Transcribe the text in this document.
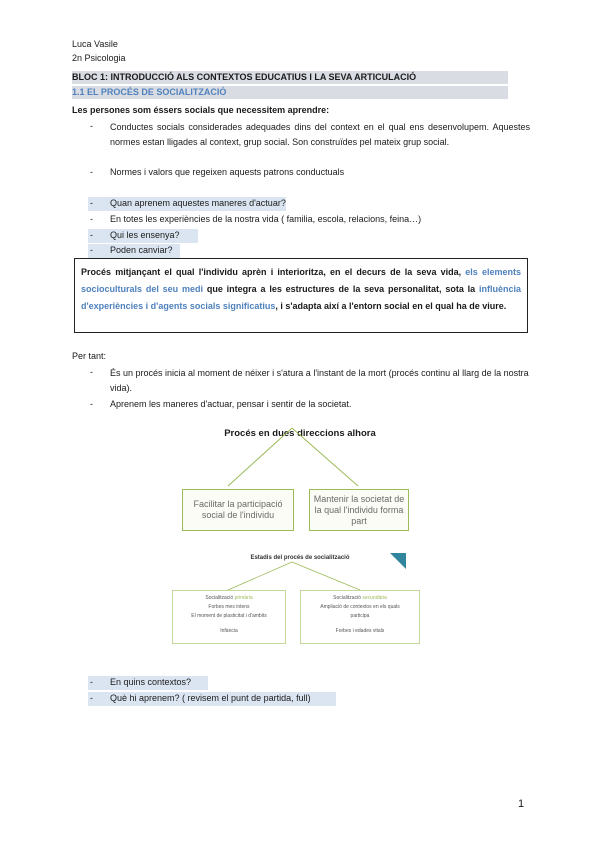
Luca Vasile
2n Psicologia
BLOC 1: INTRODUCCIÓ ALS CONTEXTOS EDUCATIUS I LA SEVA ARTICULACIÓ
1.1 EL PROCÉS DE SOCIALITZACIÓ
Les persones som éssers socials que necessitem aprendre:
- Conductes socials considerades adequades dins del context en el qual ens desenvolupem. Aquestes normes estan lligades al context, grup social. Son construïdes pel mateix grup social.
- Normes i valors que regeixen aquests patrons conductuals
- Quan aprenem aquestes maneres d'actuar?
- En totes les experiències de la nostra vida ( familia, escola, relacions, feina…)
- Qui les ensenya?
- Poden canviar?
Procés mitjançant el qual l'individu aprèn i interioritza, en el decurs de la seva vida, els elements socioculturals del seu medi que integra a les estructures de la seva personalitat, sota la influència d'experiències i d'agents socials significatius, i s'adapta així a l'entorn social en el qual ha de viure.
Per tant:
- És un procés inicia al moment de néixer i s'atura a l'instant de la mort (procés continu al llarg de la nostra vida).
- Aprenem les maneres d'actuar, pensar i sentir de la societat.
Procés en dues direccions alhora
Facilitar la participació social de l'individu
Mantenir la societat de la qual l'individu forma part
Estadis del procés de socialització
Socialització primària
Forbes mes intens
El moment de plasticitat i d'ambits
Infància
Socialització secundària
Ampliació de contextos en els quals
participa
Forbes i edades vitals
- En quins contextos?
- Què hi aprenem? ( revisem el punt de partida, full)
1
